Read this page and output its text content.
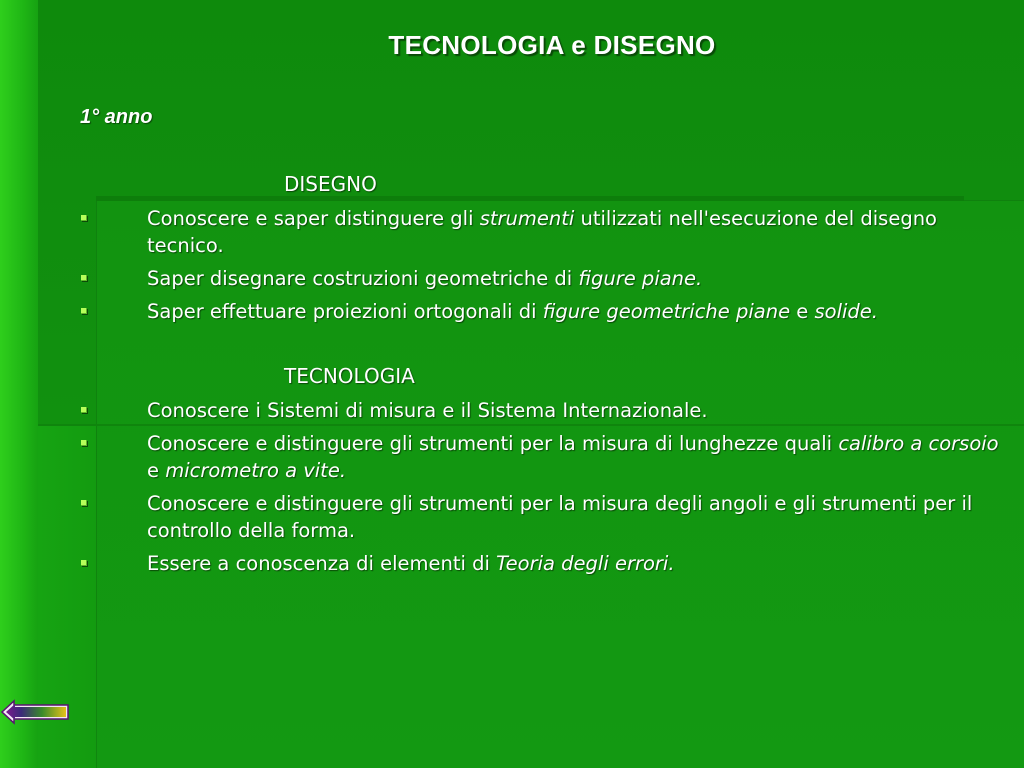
TECNOLOGIA e DISEGNO
1° anno
DISEGNO
Conoscere e saper distinguere gli strumenti utilizzati nell'esecuzione del disegno tecnico.
Saper disegnare costruzioni geometriche di figure piane.
Saper effettuare proiezioni ortogonali di figure geometriche piane e solide.
TECNOLOGIA
Conoscere i Sistemi di misura e il Sistema Internazionale.
Conoscere e distinguere gli strumenti per la misura di lunghezze quali calibro a corsoio e micrometro a vite.
Conoscere e distinguere gli strumenti per la misura degli angoli e gli strumenti per il controllo della forma.
Essere a conoscenza di elementi di Teoria degli errori.
